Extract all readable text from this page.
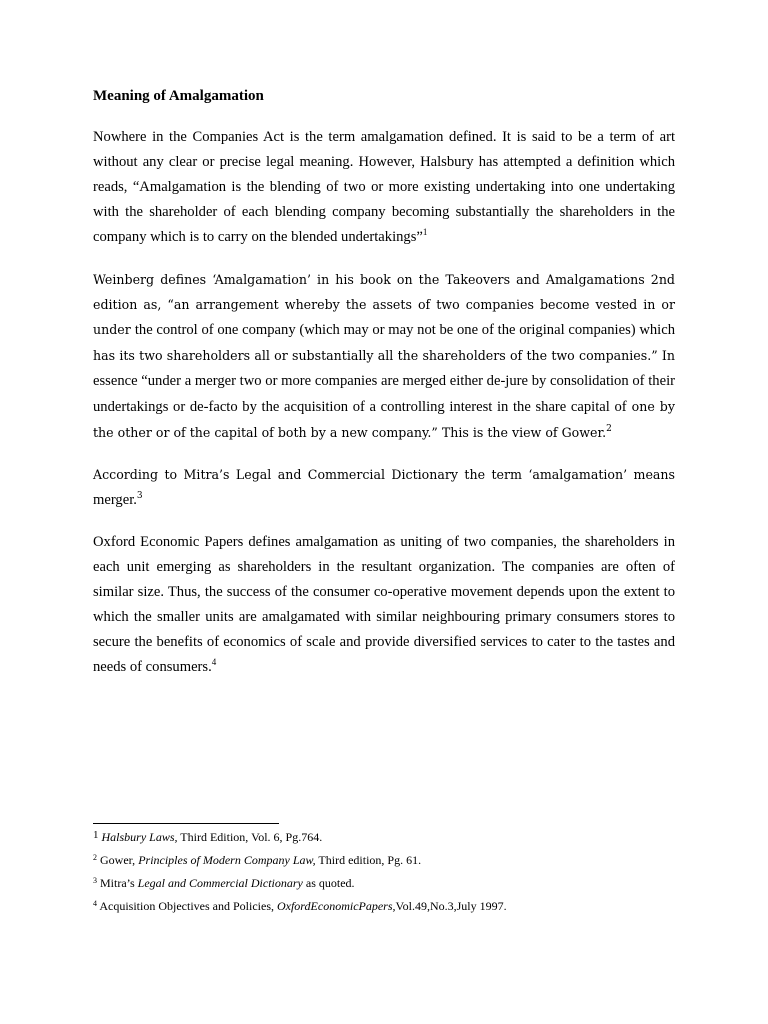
Meaning of Amalgamation

Nowhere in the Companies Act is the term amalgamation defined. It is said to be a term of art without any clear or precise legal meaning. However, Halsbury has attempted a definition which reads, “Amalgamation is the blending of two or more existing undertaking into one undertaking with the shareholder of each blending company becoming substantially the shareholders in the company which is to carry on the blended undertakings”$^1$

Weinberg defines ‘Amalgamation’ in his book on the Takeovers and Amalgamations 2nd edition as, “an arrangement whereby the assets of two companies become vested in or under the control of one company (which may or may not be one of the original companies) which has its two shareholders all or substantially all the shareholders of the two companies.” In essence “under a merger two or more companies are merged either de-jure by consolidation of their undertakings or de-facto by the acquisition of a controlling interest in the share capital of one by the other or of the capital of both by a new company.” This is the view of Gower.$^2$

According to Mitra’s Legal and Commercial Dictionary the term ‘amalgamation’ means merger.$^3$

Oxford Economic Papers defines amalgamation as uniting of two companies, the shareholders in each unit emerging as shareholders in the resultant organization. The companies are often of similar size. Thus, the success of the consumer co-operative movement depends upon the extent to which the smaller units are amalgamated with similar neighbouring primary consumers stores to secure the benefits of economics of scale and provide diversified services to cater to the tastes and needs of consumers.$^4$

$^1$ Halsbury Laws, Third Edition, Vol. 6, Pg.764.
$^2$ Gower, Principles of Modern Company Law, Third edition, Pg. 61.
$^3$ Mitra’s Legal and Commercial Dictionary as quoted.
$^4$ Acquisition Objectives and Policies, OxfordEconomicPapers,Vol.49,No.3,July 1997.
